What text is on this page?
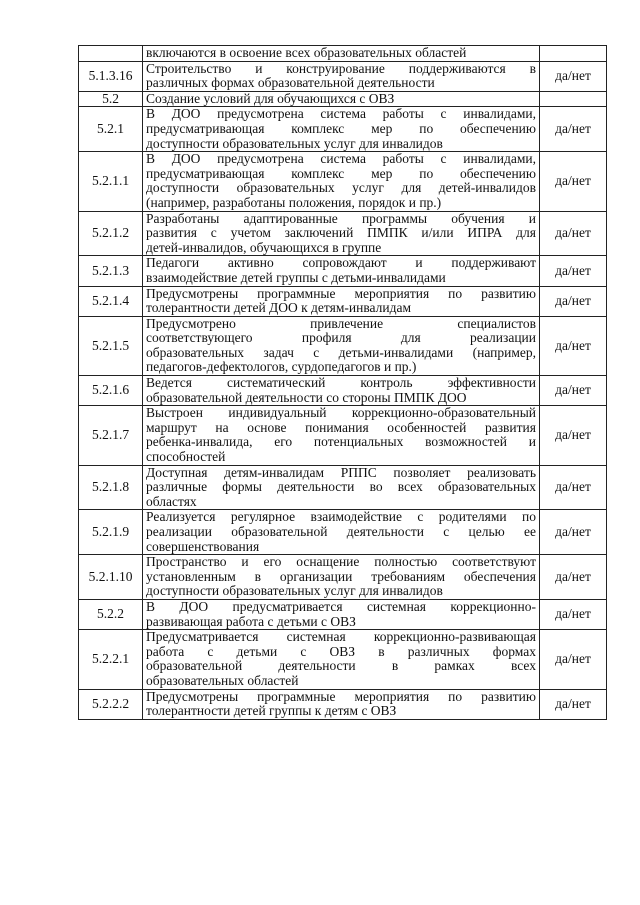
	включаются в освоение всех образовательных областей	

5.1.3.16	Строительство и конструирование поддерживаются в
различных формах образовательной деятельности	да/нет
5.2	Создание условий для обучающихся с ОВЗ	

5.2.1	В ДОО предусмотрена система работы с инвалидами,
предусматривающая комплекс мер по обеспечению
доступности образовательных услуг для инвалидов	да/нет
5.2.1.1	В ДОО предусмотрена система работы с инвалидами,
предусматривающая комплекс мер по обеспечению
доступности образовательных услуг для детей-инвалидов
(например, разработаны положения, порядок и пр.)	да/нет
5.2.1.2	Разработаны адаптированные программы обучения и
развития с учетом заключений ПМПК и/или ИПРА для
детей-инвалидов, обучающихся в группе	да/нет
5.2.1.3	Педагоги активно сопровождают и поддерживают
взаимодействие детей группы с детьми-инвалидами	да/нет
5.2.1.4	Предусмотрены программные мероприятия по развитию
толерантности детей ДОО к детям-инвалидам	да/нет
5.2.1.5	Предусмотрено привлечение специалистов
соответствующего профиля для реализации
образовательных задач с детьми-инвалидами (например,
педагогов-дефектологов, сурдопедагогов и пр.)	да/нет
5.2.1.6	Ведется систематический контроль эффективности
образовательной деятельности со стороны ПМПК ДОО	да/нет
5.2.1.7	Выстроен индивидуальный коррекционно-образовательный
маршрут на основе понимания особенностей развития
ребенка-инвалида, его потенциальных возможностей и
способностей	да/нет
5.2.1.8	Доступная детям-инвалидам РППС позволяет реализовать
различные формы деятельности во всех образовательных
областях	да/нет
5.2.1.9	Реализуется регулярное взаимодействие с родителями по
реализации образовательной деятельности с целью ее
совершенствования	да/нет
5.2.1.10	Пространство и его оснащение полностью соответствуют
установленным в организации требованиям обеспечения
доступности образовательных услуг для инвалидов	да/нет
5.2.2	В ДОО предусматривается системная коррекционно-
развивающая работа с детьми с ОВЗ	да/нет
5.2.2.1	Предусматривается системная коррекционно-развивающая
работа с детьми с ОВЗ в различных формах
образовательной деятельности в рамках всех
образовательных областей	да/нет
5.2.2.2	Предусмотрены программные мероприятия по развитию
толерантности детей группы к детям с ОВЗ	да/нет
